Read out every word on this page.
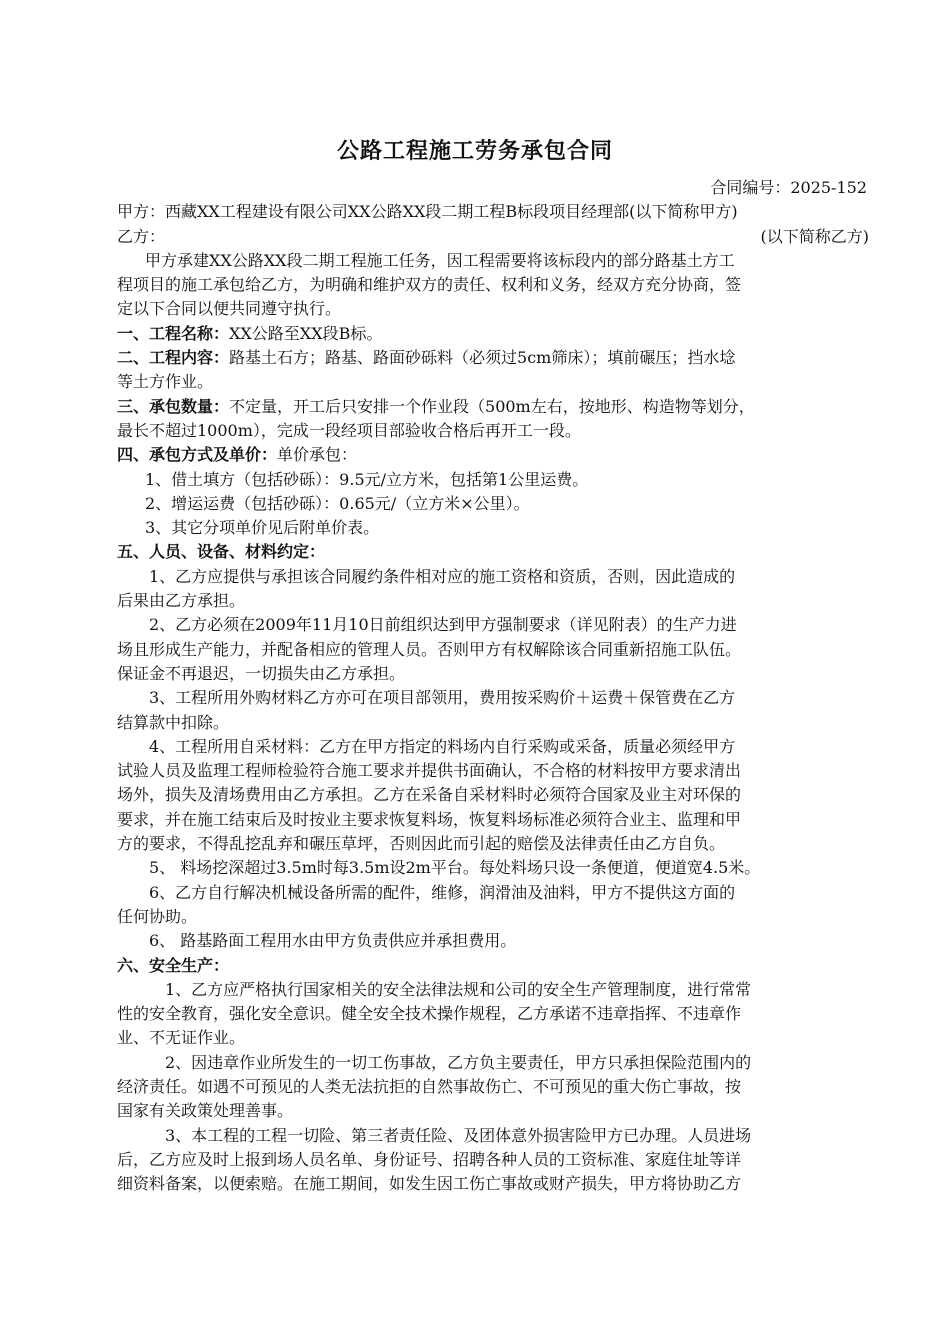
公路工程施工劳务承包合同
合同编号：2025-152
甲方：西藏XX工程建设有限公司XX公路XX段二期工程B标段项目经理部(以下简称甲方)
乙方：	(以下简称乙方)
甲方承建XX公路XX段二期工程施工任务，因工程需要将该标段内的部分路基土方工
程项目的施工承包给乙方，为明确和维护双方的责任、权利和义务，经双方充分协商，签
定以下合同以便共同遵守执行。
一、工程名称：XX公路至XX段B标。
二、工程内容：路基土石方；路基、路面砂砾料（必须过5cm筛床）；填前碾压；挡水埝
等土方作业。
三、承包数量：不定量，开工后只安排一个作业段（500m左右，按地形、构造物等划分，
最长不超过1000m），完成一段经项目部验收合格后再开工一段。
四、承包方式及单价：单价承包：
1、借土填方（包括砂砾）：9.5元/立方米，包括第1公里运费。
2、增运运费（包括砂砾）：0.65元/（立方米×公里）。
3、其它分项单价见后附单价表。
五、人员、设备、材料约定：
1、乙方应提供与承担该合同履约条件相对应的施工资格和资质，否则，因此造成的
后果由乙方承担。
2、乙方必须在2009年11月10日前组织达到甲方强制要求（详见附表）的生产力进
场且形成生产能力，并配备相应的管理人员。否则甲方有权解除该合同重新招施工队伍。
保证金不再退迟，一切损失由乙方承担。
3、工程所用外购材料乙方亦可在项目部领用，费用按采购价＋运费＋保管费在乙方
结算款中扣除。
4、工程所用自采材料：乙方在甲方指定的料场内自行采购或采备，质量必须经甲方
试验人员及监理工程师检验符合施工要求并提供书面确认，不合格的材料按甲方要求清出
场外，损失及清场费用由乙方承担。乙方在采备自采材料时必须符合国家及业主对环保的
要求，并在施工结束后及时按业主要求恢复料场，恢复料场标准必须符合业主、监理和甲
方的要求，不得乱挖乱弃和碾压草坪，否则因此而引起的赔偿及法律责任由乙方自负。
5、 料场挖深超过3.5m时每3.5m设2m平台。每处料场只设一条便道，便道宽4.5米。
6、乙方自行解决机械设备所需的配件，维修，润滑油及油料，甲方不提供这方面的
任何协助。
6、 路基路面工程用水由甲方负责供应并承担费用。
六、安全生产：
1、乙方应严格执行国家相关的安全法律法规和公司的安全生产管理制度，进行常常
性的安全教育，强化安全意识。健全安全技术操作规程，乙方承诺不违章指挥、不违章作
业、不无证作业。
2、因违章作业所发生的一切工伤事故，乙方负主要责任，甲方只承担保险范围内的
经济责任。如遇不可预见的人类无法抗拒的自然事故伤亡、不可预见的重大伤亡事故，按
国家有关政策处理善事。
3、本工程的工程一切险、第三者责任险、及团体意外损害险甲方已办理。人员进场
后，乙方应及时上报到场人员名单、身份证号、招聘各种人员的工资标准、家庭住址等详
细资料备案，以便索赔。在施工期间，如发生因工伤亡事故或财产损失，甲方将协助乙方
